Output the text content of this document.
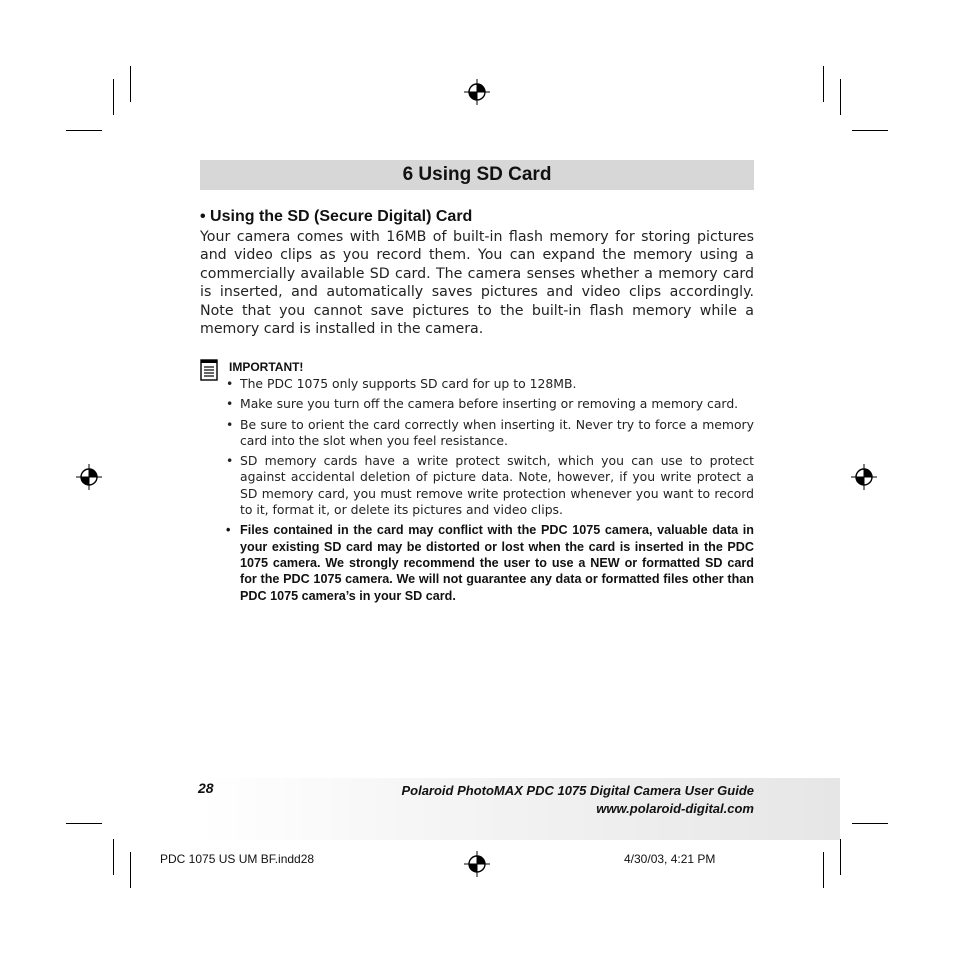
6 Using SD Card
• Using the SD (Secure Digital) Card
Your camera comes with 16MB of built-in flash memory for storing pictures and video clips as you record them. You can expand the memory using a commercially available SD card. The camera senses whether a memory card is inserted, and automatically saves pictures and video clips accordingly. Note that you cannot save pictures to the built-in flash memory while a memory card is installed in the camera.
IMPORTANT!
• The PDC 1075 only supports SD card for up to 128MB.
• Make sure you turn off the camera before inserting or removing a memory card.
• Be sure to orient the card correctly when inserting it. Never try to force a memory card into the slot when you feel resistance.
• SD memory cards have a write protect switch, which you can use to protect against accidental deletion of picture data. Note, however, if you write protect a SD memory card, you must remove write protection whenever you want to record to it, format it, or delete its pictures and video clips.
• Files contained in the card may conflict with the PDC 1075 camera, valuable data in your existing SD card may be distorted or lost when the card is inserted in the PDC 1075 camera. We strongly recommend the user to use a NEW or formatted SD card for the PDC 1075 camera. We will not guarantee any data or formatted files other than PDC 1075 camera’s in your SD card.
28	Polaroid PhotoMAX PDC 1075 Digital Camera User Guide
www.polaroid-digital.com
PDC 1075 US UM BF.indd28	4/30/03, 4:21 PM
